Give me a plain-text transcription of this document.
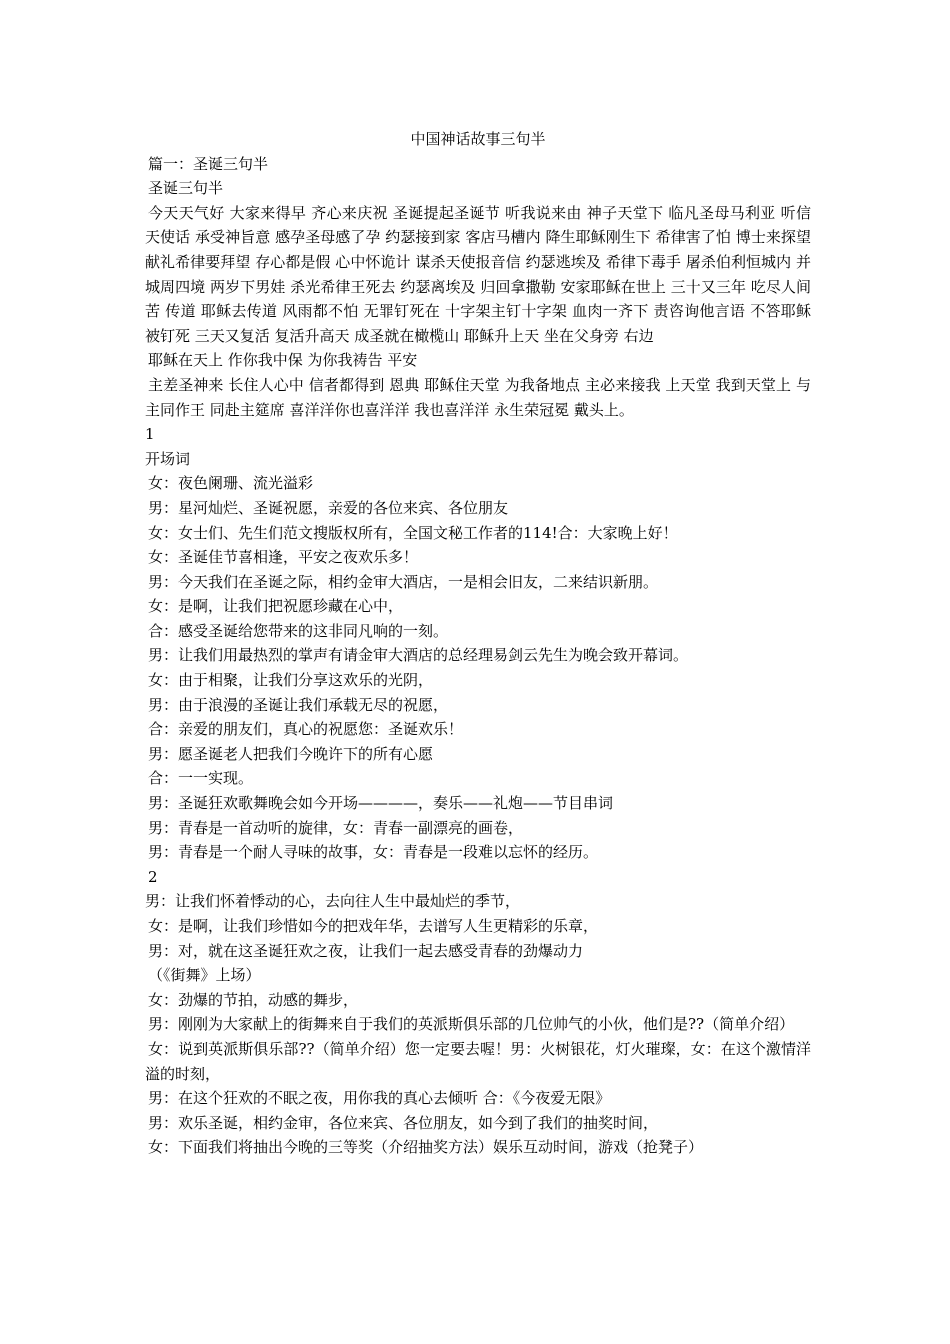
中国神话故事三句半

篇一：圣诞三句半

圣诞三句半

今天天气好 大家来得早 齐心来庆祝 圣诞提起圣诞节 听我说来由 神子天堂下 临凡圣母马利亚 听信天使话 承受神旨意 感孕圣母感了孕 约瑟接到家 客店马槽内 降生耶稣刚生下 希律害了怕 博士来探望 献礼希律要拜望 存心都是假 心中怀诡计 谋杀天使报音信 约瑟逃埃及 希律下毒手 屠杀伯利恒城内 并城周四境 两岁下男娃 杀光希律王死去 约瑟离埃及 归回拿撒勒 安家耶稣在世上 三十又三年 吃尽人间苦 传道 耶稣去传道 风雨都不怕 无罪钉死在 十字架主钉十字架 血肉一齐下 责咨询他言语 不答耶稣被钉死 三天又复活 复活升高天 成圣就在橄榄山 耶稣升上天 坐在父身旁 右边

耶稣在天上 作你我中保 为你我祷告 平安

主差圣神来 长住人心中 信者都得到 恩典 耶稣住天堂 为我备地点 主必来接我 上天堂 我到天堂上 与主同作王 同赴主筵席 喜洋洋你也喜洋洋 我也喜洋洋 永生荣冠冕 戴头上。

1

开场词

女：夜色阑珊、流光溢彩

男：星河灿烂、圣诞祝愿，亲爱的各位来宾、各位朋友

女：女士们、先生们范文搜版权所有，全国文秘工作者的114!合：大家晚上好！

女：圣诞佳节喜相逢，平安之夜欢乐多！

男：今天我们在圣诞之际，相约金审大酒店，一是相会旧友，二来结识新朋。

女：是啊，让我们把祝愿珍藏在心中，

合：感受圣诞给您带来的这非同凡响的一刻。

男：让我们用最热烈的掌声有请金审大酒店的总经理易剑云先生为晚会致开幕词。

女：由于相聚，让我们分享这欢乐的光阴，

男：由于浪漫的圣诞让我们承载无尽的祝愿，

合：亲爱的朋友们，真心的祝愿您：圣诞欢乐！

男：愿圣诞老人把我们今晚许下的所有心愿

合：一一实现。

男：圣诞狂欢歌舞晚会如今开场————，奏乐——礼炮——节目串词

男：青春是一首动听的旋律，女：青春一副漂亮的画卷，

男：青春是一个耐人寻味的故事，女：青春是一段难以忘怀的经历。

2

男：让我们怀着悸动的心，去向往人生中最灿烂的季节，

女：是啊，让我们珍惜如今的把戏年华，去谱写人生更精彩的乐章，

男：对，就在这圣诞狂欢之夜，让我们一起去感受青春的劲爆动力

（《街舞》上场）

女：劲爆的节拍，动感的舞步，

男：刚刚为大家献上的街舞来自于我们的英派斯俱乐部的几位帅气的小伙，他们是??（简单介绍）

女：说到英派斯俱乐部??（简单介绍）您一定要去喔！男：火树银花，灯火璀璨，女：在这个激情洋溢的时刻，

男：在这个狂欢的不眠之夜，用你我的真心去倾听 合：《今夜爱无限》

男：欢乐圣诞，相约金审，各位来宾、各位朋友，如今到了我们的抽奖时间，

女：下面我们将抽出今晚的三等奖（介绍抽奖方法）娱乐互动时间，游戏（抢凳子）
